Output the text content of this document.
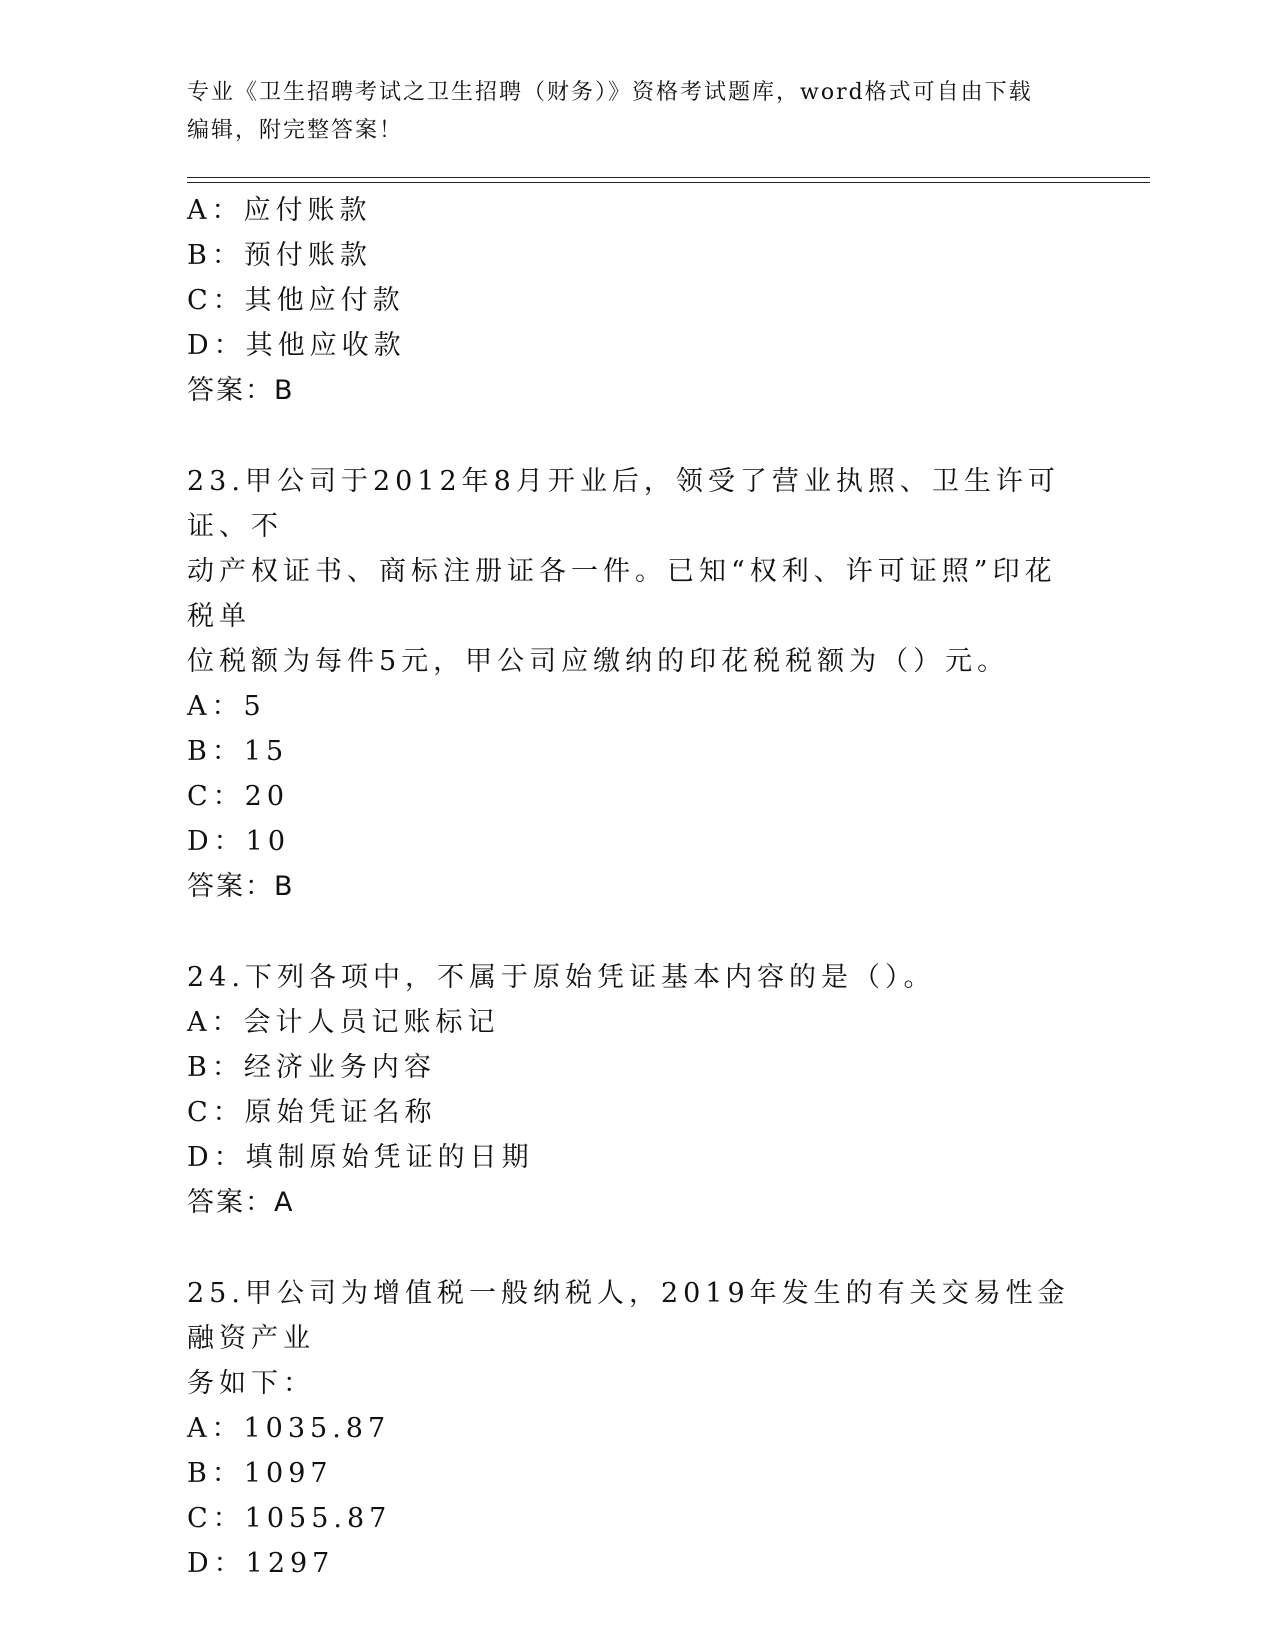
专业《卫生招聘考试之卫生招聘（财务）》资格考试题库，word格式可自由下载
编辑，附完整答案！
A：应付账款
B：预付账款
C：其他应付款
D：其他应收款
答案：B
23.甲公司于2012年8月开业后，领受了营业执照、卫生许可证、不
动产权证书、商标注册证各一件。已知“权利、许可证照”印花税单
位税额为每件5元，甲公司应缴纳的印花税税额为（）元。
A：5
B：15
C：20
D：10
答案：B
24.下列各项中，不属于原始凭证基本内容的是（）。
A：会计人员记账标记
B：经济业务内容
C：原始凭证名称
D：填制原始凭证的日期
答案：A
25.甲公司为增值税一般纳税人，2019年发生的有关交易性金融资产业
务如下：
A：1035.87
B：1097
C：1055.87
D：1297
